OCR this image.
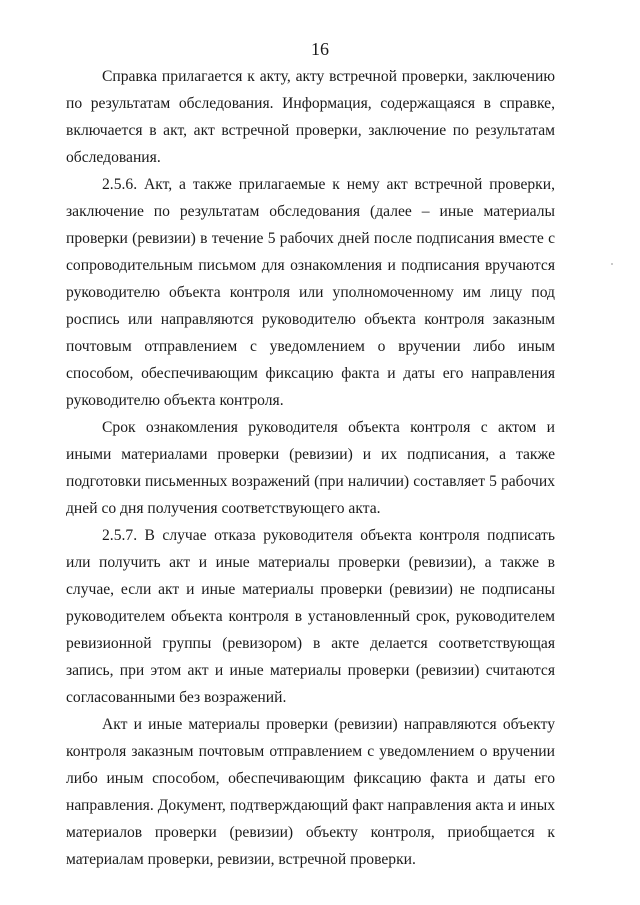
16

Справка прилагается к акту, акту встречной проверки, заключению по результатам обследования. Информация, содержащаяся в справке, включается в акт, акт встречной проверки, заключение по результатам обследования.

2.5.6. Акт, а также прилагаемые к нему акт встречной проверки, заключение по результатам обследования (далее – иные материалы проверки (ревизии) в течение 5 рабочих дней после подписания вместе с сопроводительным письмом для ознакомления и подписания вручаются руководителю объекта контроля или уполномоченному им лицу под роспись или направляются руководителю объекта контроля заказным почтовым отправлением с уведомлением о вручении либо иным способом, обеспечивающим фиксацию факта и даты его направления руководителю объекта контроля.

Срок ознакомления руководителя объекта контроля с актом и иными материалами проверки (ревизии) и их подписания, а также подготовки письменных возражений (при наличии) составляет 5 рабочих дней со дня получения соответствующего акта.

2.5.7. В случае отказа руководителя объекта контроля подписать или получить акт и иные материалы проверки (ревизии), а также в случае, если акт и иные материалы проверки (ревизии) не подписаны руководителем объекта контроля в установленный срок, руководителем ревизионной группы (ревизором) в акте делается соответствующая запись, при этом акт и иные материалы проверки (ревизии) считаются согласованными без возражений.

Акт и иные материалы проверки (ревизии) направляются объекту контроля заказным почтовым отправлением с уведомлением о вручении либо иным способом, обеспечивающим фиксацию факта и даты его направления. Документ, подтверждающий факт направления акта и иных материалов проверки (ревизии) объекту контроля, приобщается к материалам проверки, ревизии, встречной проверки.
